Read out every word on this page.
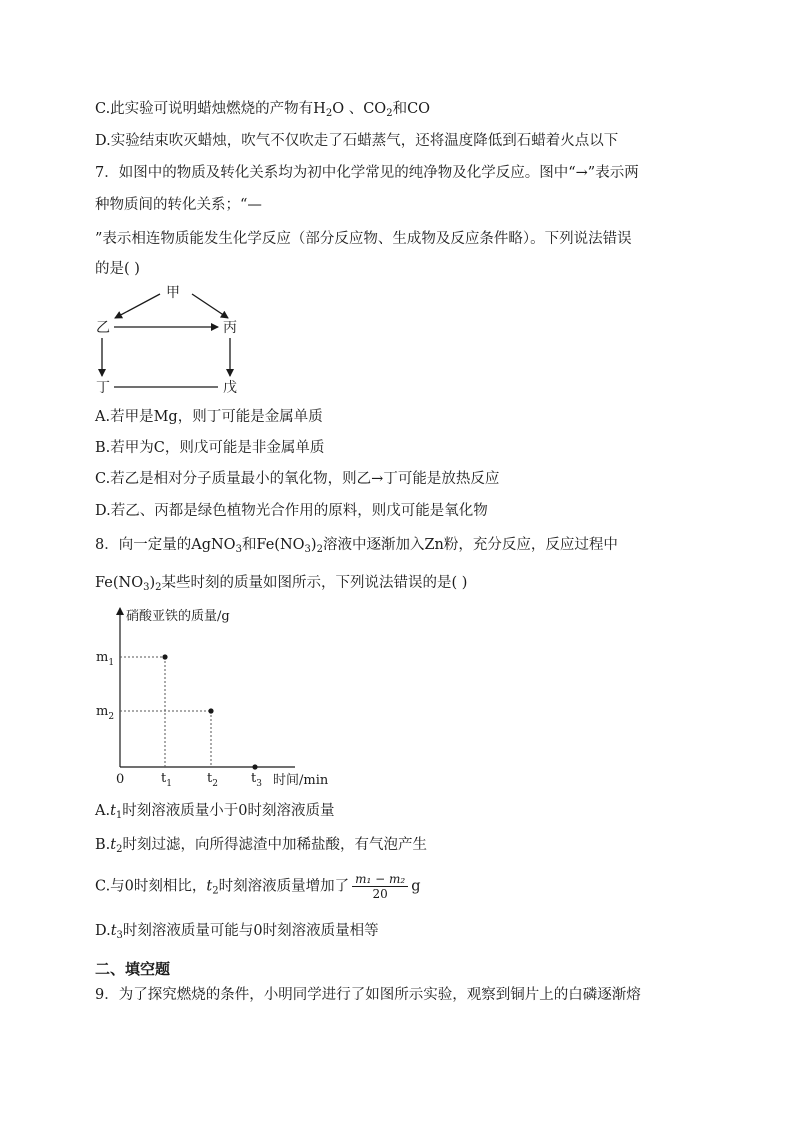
C.此实验可说明蜡烛燃烧的产物有$H_2O$ 、$CO_2$和CO
D.实验结束吹灭蜡烛，吹气不仅吹走了石蜡蒸气，还将温度降低到石蜡着火点以下
7．如图中的物质及转化关系均为初中化学常见的纯净物及化学反应。图中“→”表示两
种物质间的转化关系；“—
”表示相连物质能发生化学反应（部分反应物、生成物及反应条件略）。下列说法错误
的是( )
甲
乙	丙
丁	戊
A.若甲是Mg，则丁可能是金属单质
B.若甲为C，则戊可能是非金属单质
C.若乙是相对分子质量最小的氧化物，则乙→丁可能是放热反应
D.若乙、丙都是绿色植物光合作用的原料，则戊可能是氧化物
8．向一定量的AgNO$_3$和$Fe(NO_3)_2$溶液中逐渐加入Zn粉，充分反应，反应过程中
$Fe(NO_3)_2$某些时刻的质量如图所示，下列说法错误的是( )
硝酸亚铁的质量/g
0	时间/min
$t_1$	$t_2$	$t_3$
$m_1$
$m_2$
$A.t_1$时刻溶液质量小于0时刻溶液质量
$B.t_2$时刻过滤，向所得滤渣中加稀盐酸，有气泡产生
C.与0时刻相比，$t_2$时刻溶液质量增加了 $\frac{\text{m₁ − m₂}}{20}$ g
$D.t_3$时刻溶液质量可能与0时刻溶液质量相等
二、填空题
9．为了探究燃烧的条件，小明同学进行了如图所示实验，观察到铜片上的白磷逐渐熔
